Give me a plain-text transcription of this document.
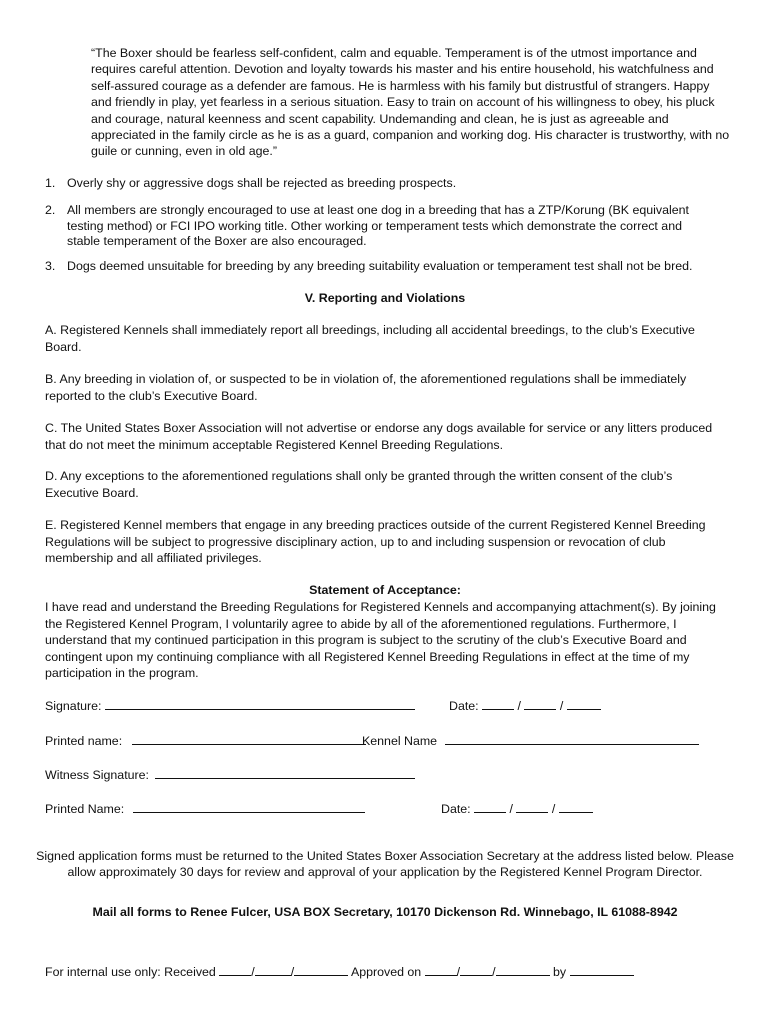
“The Boxer should be fearless self-confident, calm and equable. Temperament is of the utmost importance and requires careful attention. Devotion and loyalty towards his master and his entire household, his watchfulness and self-assured courage as a defender are famous. He is harmless with his family but distrustful of strangers. Happy and friendly in play, yet fearless in a serious situation. Easy to train on account of his willingness to obey, his pluck and courage, natural keenness and scent capability. Undemanding and clean, he is just as agreeable and appreciated in the family circle as he is as a guard, companion and working dog. His character is trustworthy, with no guile or cunning, even in old age.”

1. Overly shy or aggressive dogs shall be rejected as breeding prospects.
2. All members are strongly encouraged to use at least one dog in a breeding that has a ZTP/Korung (BK equivalent testing method) or FCI IPO working title. Other working or temperament tests which demonstrate the correct and stable temperament of the Boxer are also encouraged.
3. Dogs deemed unsuitable for breeding by any breeding suitability evaluation or temperament test shall not be bred.
V. Reporting and Violations
A. Registered Kennels shall immediately report all breedings, including all accidental breedings, to the club’s Executive Board.
B. Any breeding in violation of, or suspected to be in violation of, the aforementioned regulations shall be immediately reported to the club’s Executive Board.
C. The United States Boxer Association will not advertise or endorse any dogs available for service or any litters produced that do not meet the minimum acceptable Registered Kennel Breeding Regulations.
D. Any exceptions to the aforementioned regulations shall only be granted through the written consent of the club’s Executive Board.
E. Registered Kennel members that engage in any breeding practices outside of the current Registered Kennel Breeding Regulations will be subject to progressive disciplinary action, up to and including suspension or revocation of club membership and all affiliated privileges.
Statement of Acceptance:
I have read and understand the Breeding Regulations for Registered Kennels and accompanying attachment(s). By joining the Registered Kennel Program, I voluntarily agree to abide by all of the aforementioned regulations. Furthermore, I understand that my continued participation in this program is subject to the scrutiny of the club’s Executive Board and contingent upon my continuing compliance with all Registered Kennel Breeding Regulations in effect at the time of my participation in the program.
Signature:	Date:	/	/
Printed name:	Kennel Name
Witness Signature:
Printed Name:	Date:	/	/
Signed application forms must be returned to the United States Boxer Association Secretary at the address listed below. Please allow approximately 30 days for review and approval of your application by the Registered Kennel Program Director.
Mail all forms to Renee Fulcer, USA BOX Secretary, 10170 Dickenson Rd. Winnebago, IL 61088-8942
For internal use only: Received	/	/	Approved on	/	/	by
